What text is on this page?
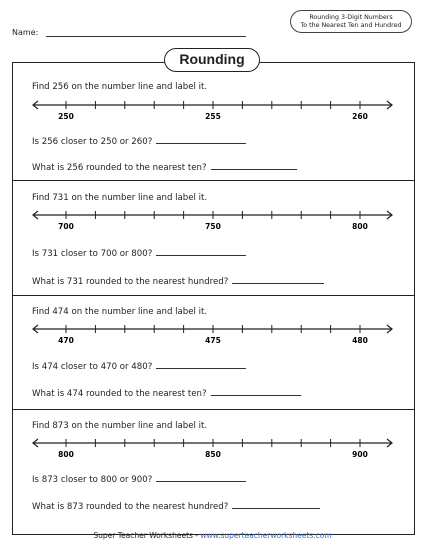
Name:
Rounding 3-Digit Numbers
To the Nearest Ten and Hundred
Rounding
Find 256 on the number line and label it.
250	255	260
Is 256 closer to 250 or 260?
What is 256 rounded to the nearest ten?
Find 731 on the number line and label it.
700	750	800
Is 731 closer to 700 or 800?
What is 731 rounded to the nearest hundred?
Find 474 on the number line and label it.
470	475	480
Is 474 closer to 470 or 480?
What is 474 rounded to the nearest ten?
Find 873 on the number line and label it.
800	850	900
Is 873 closer to 800 or 900?
What is 873 rounded to the nearest hundred?
Super Teacher Worksheets - www.superteacherworksheets.com
